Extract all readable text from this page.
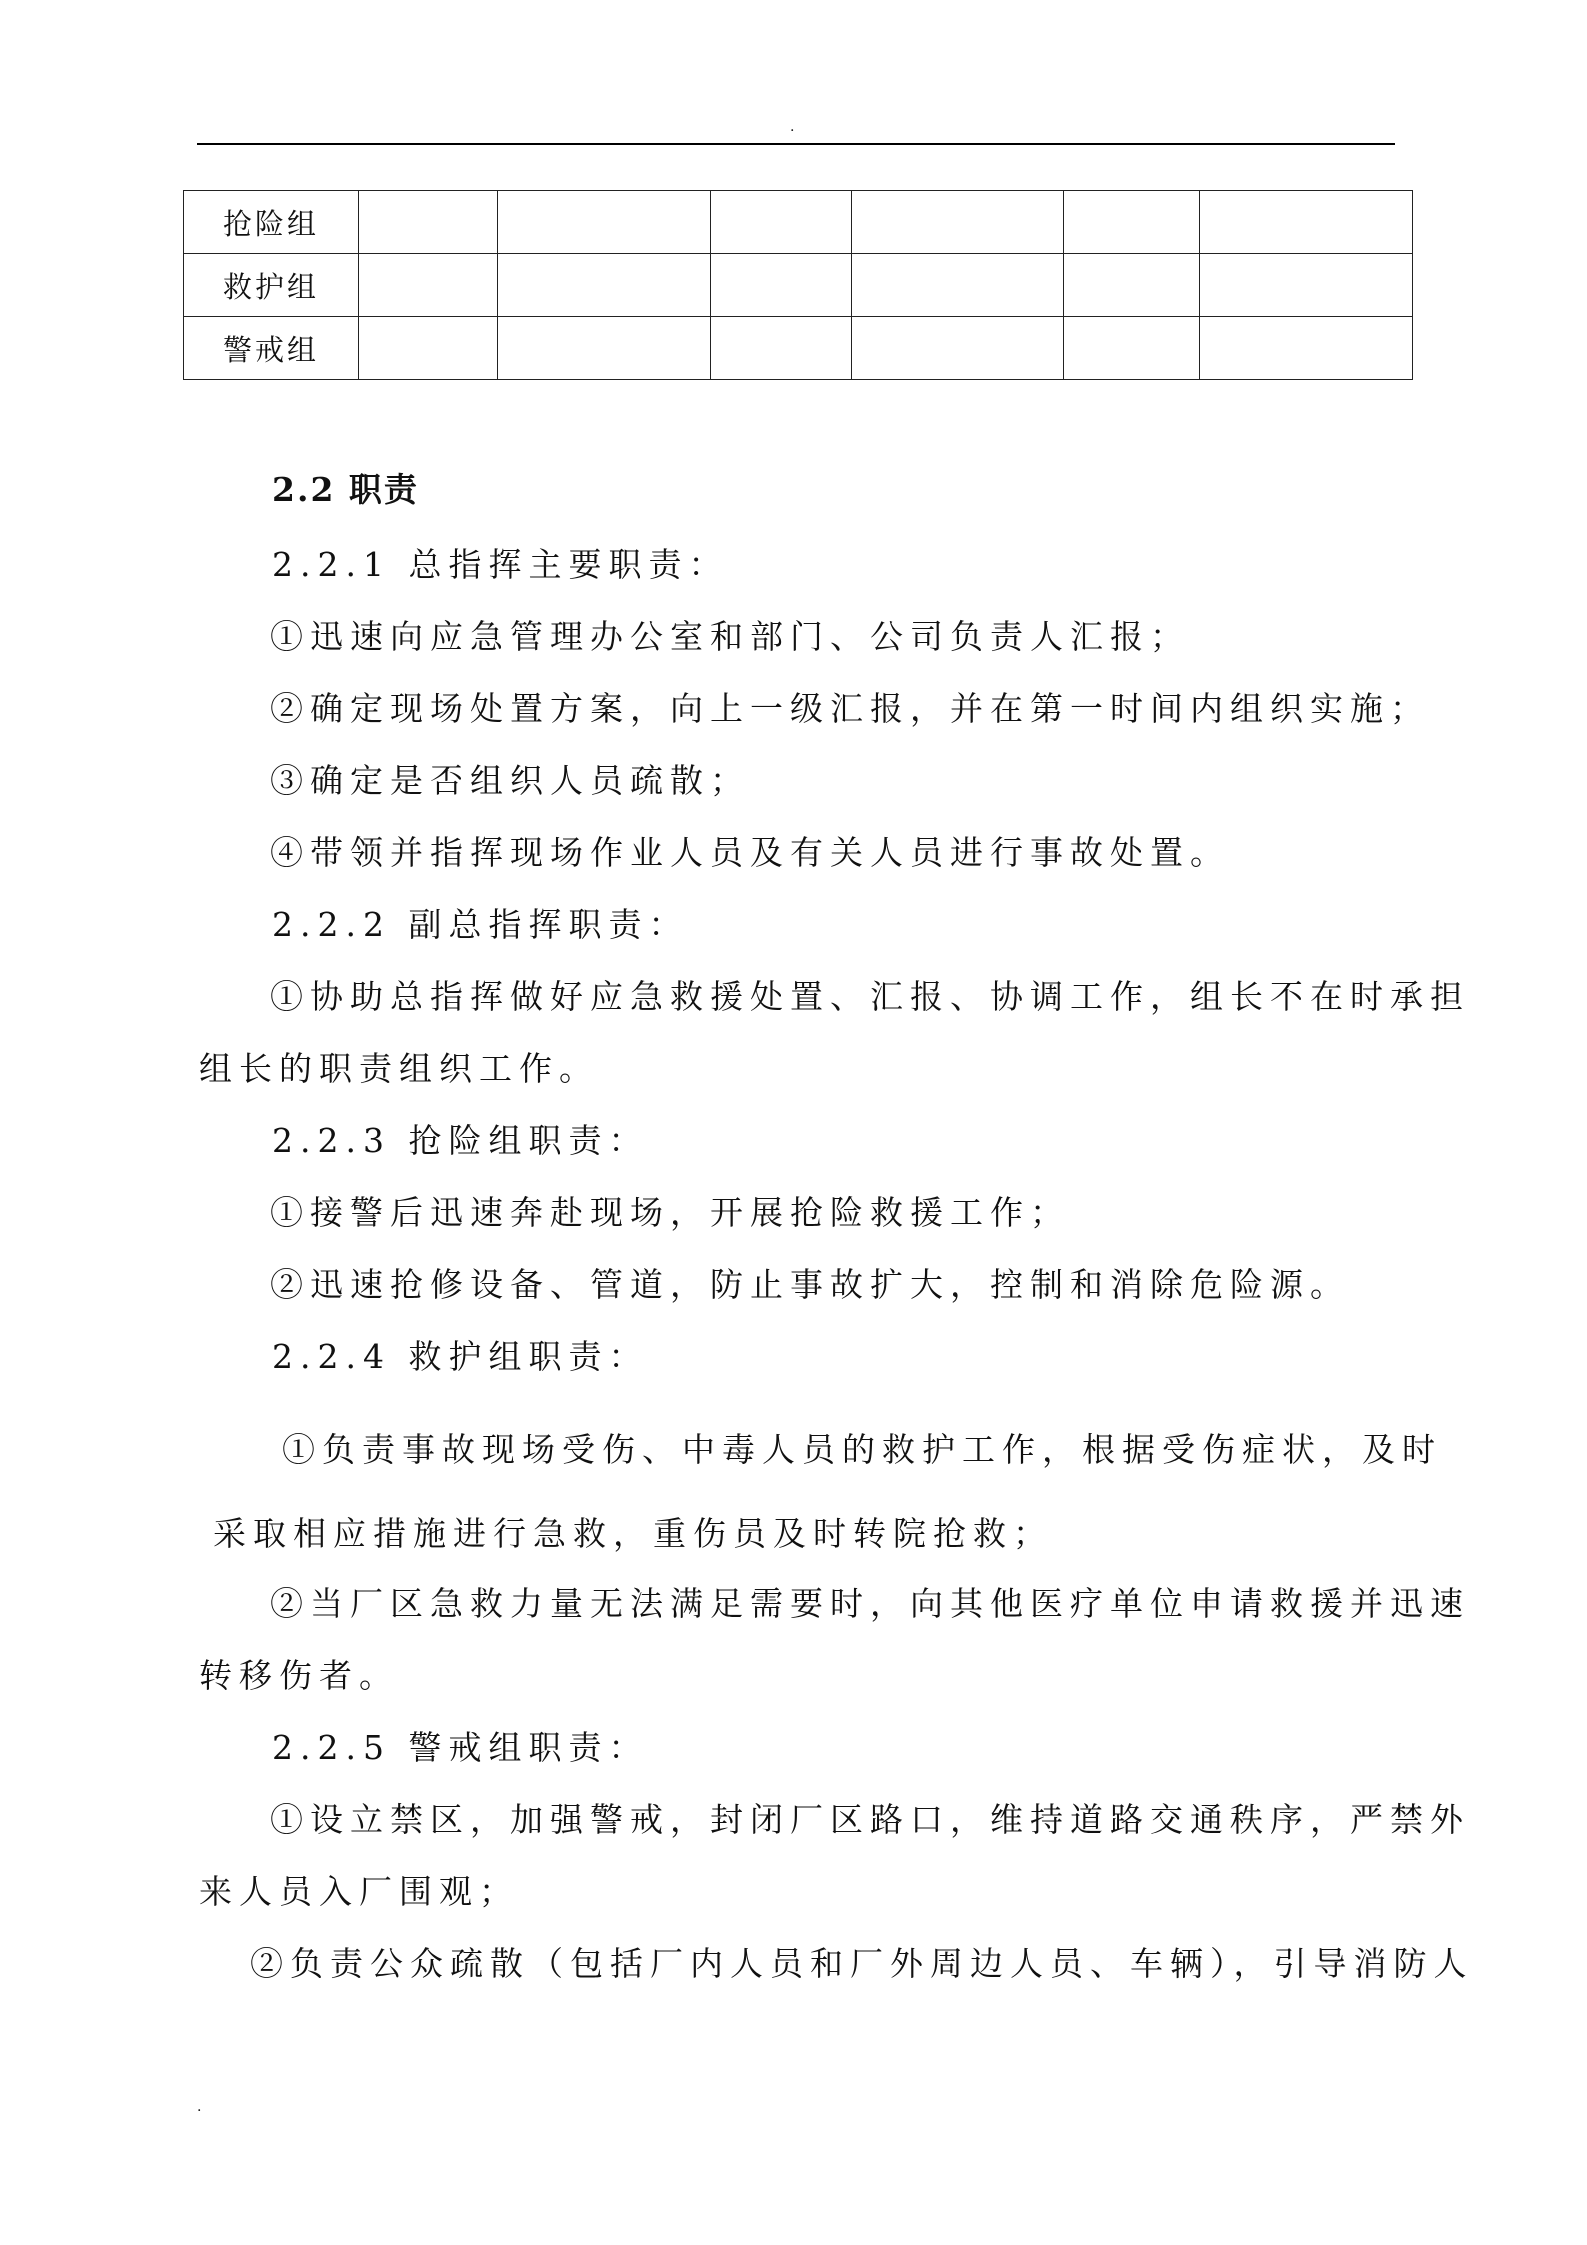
.
抢险组						
救护组						
警戒组						

2.2 职责

2.2.1 总指挥主要职责：

①迅速向应急管理办公室和部门、公司负责人汇报；

②确定现场处置方案，向上一级汇报，并在第一时间内组织实施；

③确定是否组织人员疏散；

④带领并指挥现场作业人员及有关人员进行事故处置。

2.2.2 副总指挥职责：

①协助总指挥做好应急救援处置、汇报、协调工作，组长不在时承担

组长的职责组织工作。

2.2.3 抢险组职责：

①接警后迅速奔赴现场，开展抢险救援工作；

②迅速抢修设备、管道，防止事故扩大，控制和消除危险源。

2.2.4 救护组职责：

①负责事故现场受伤、中毒人员的救护工作，根据受伤症状，及时

采取相应措施进行急救，重伤员及时转院抢救；

②当厂区急救力量无法满足需要时，向其他医疗单位申请救援并迅速

转移伤者。

2.2.5 警戒组职责：

①设立禁区，加强警戒，封闭厂区路口，维持道路交通秩序，严禁外

来人员入厂围观；

②负责公众疏散（包括厂内人员和厂外周边人员、车辆），引导消防人

.
